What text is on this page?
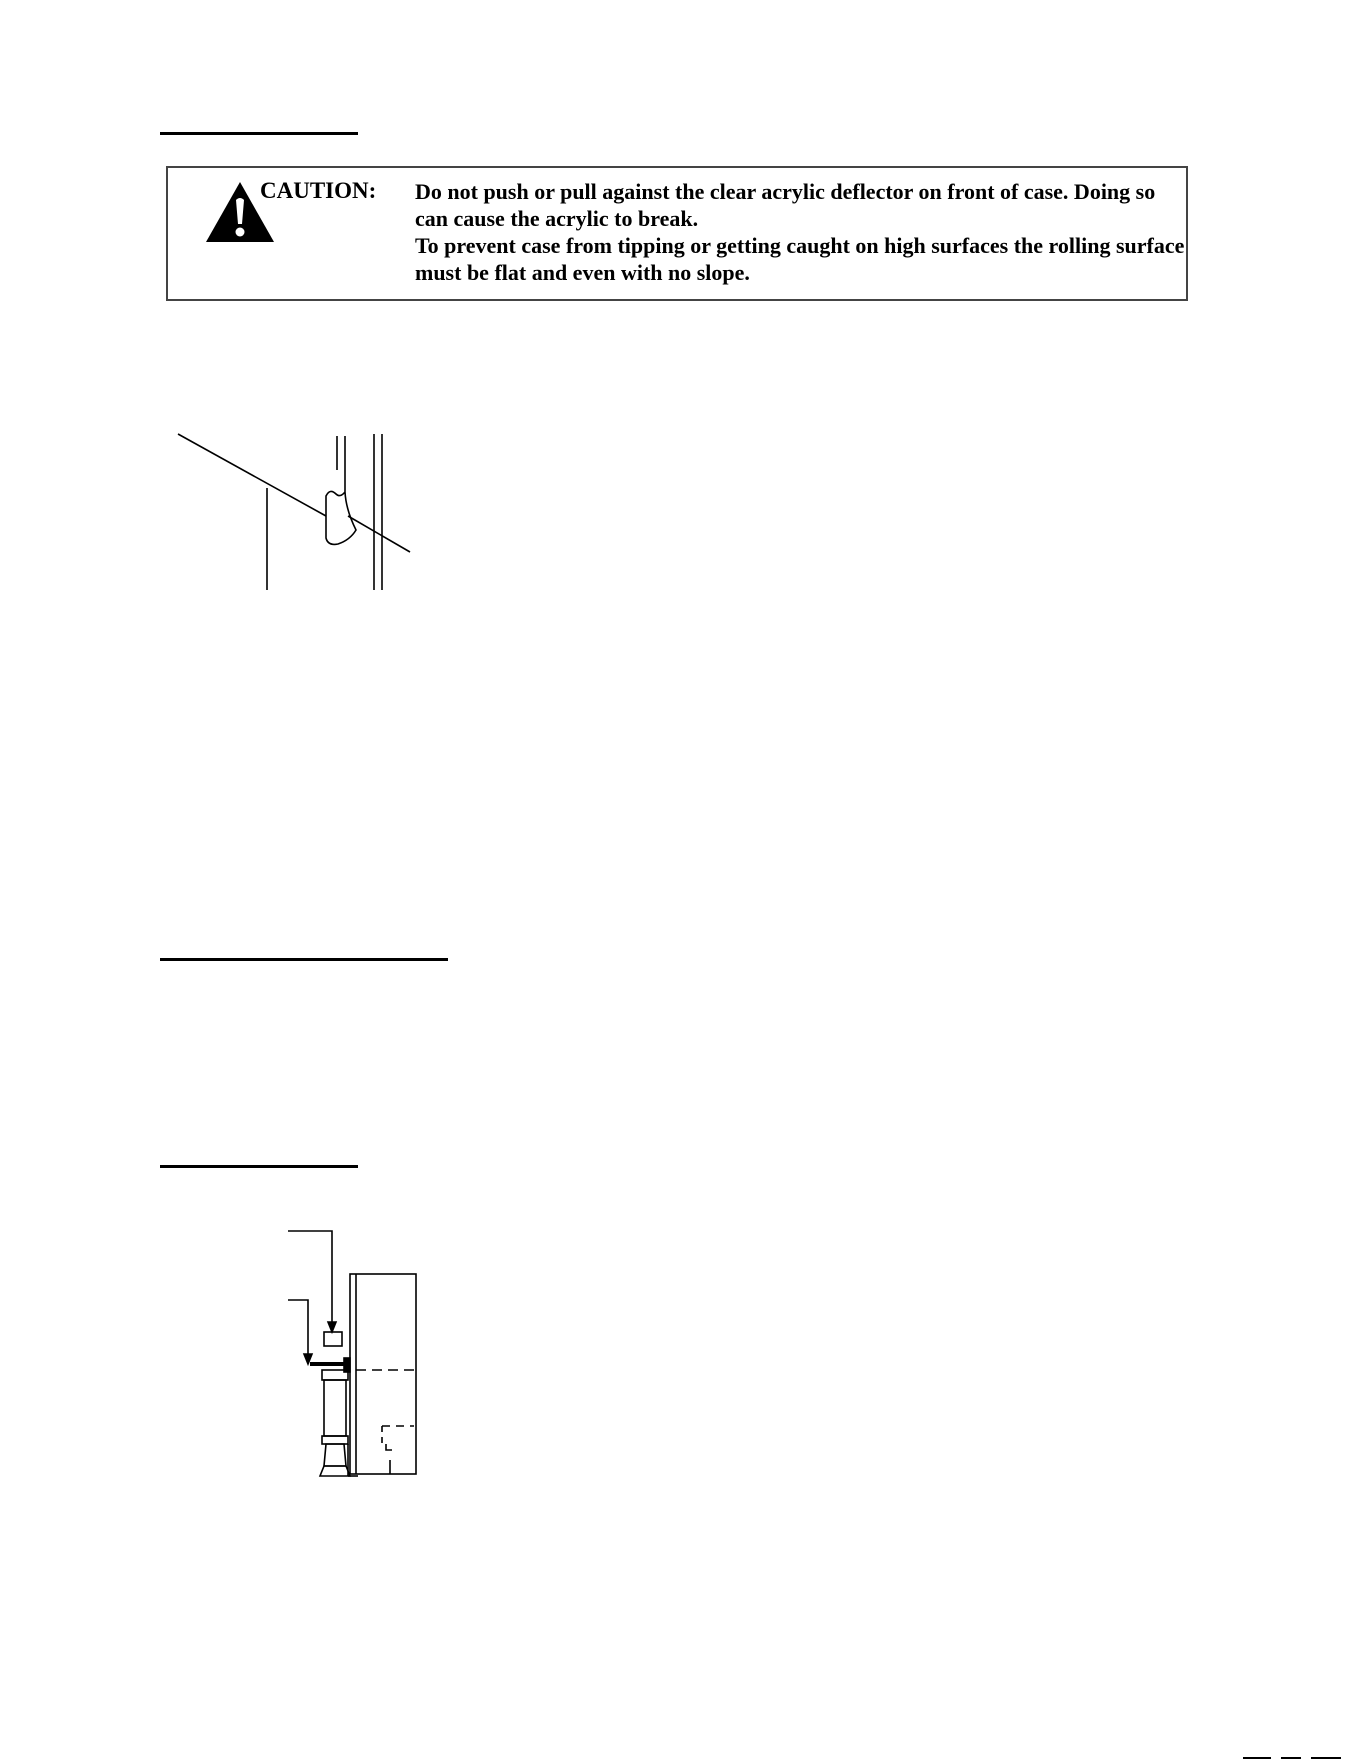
CAUTION: Do not push or pull against the clear acrylic deflector on front of case. Doing so can cause the acrylic to break.

To prevent case from tipping or getting caught on high surfaces the rolling surface must be flat and even with no slope.
